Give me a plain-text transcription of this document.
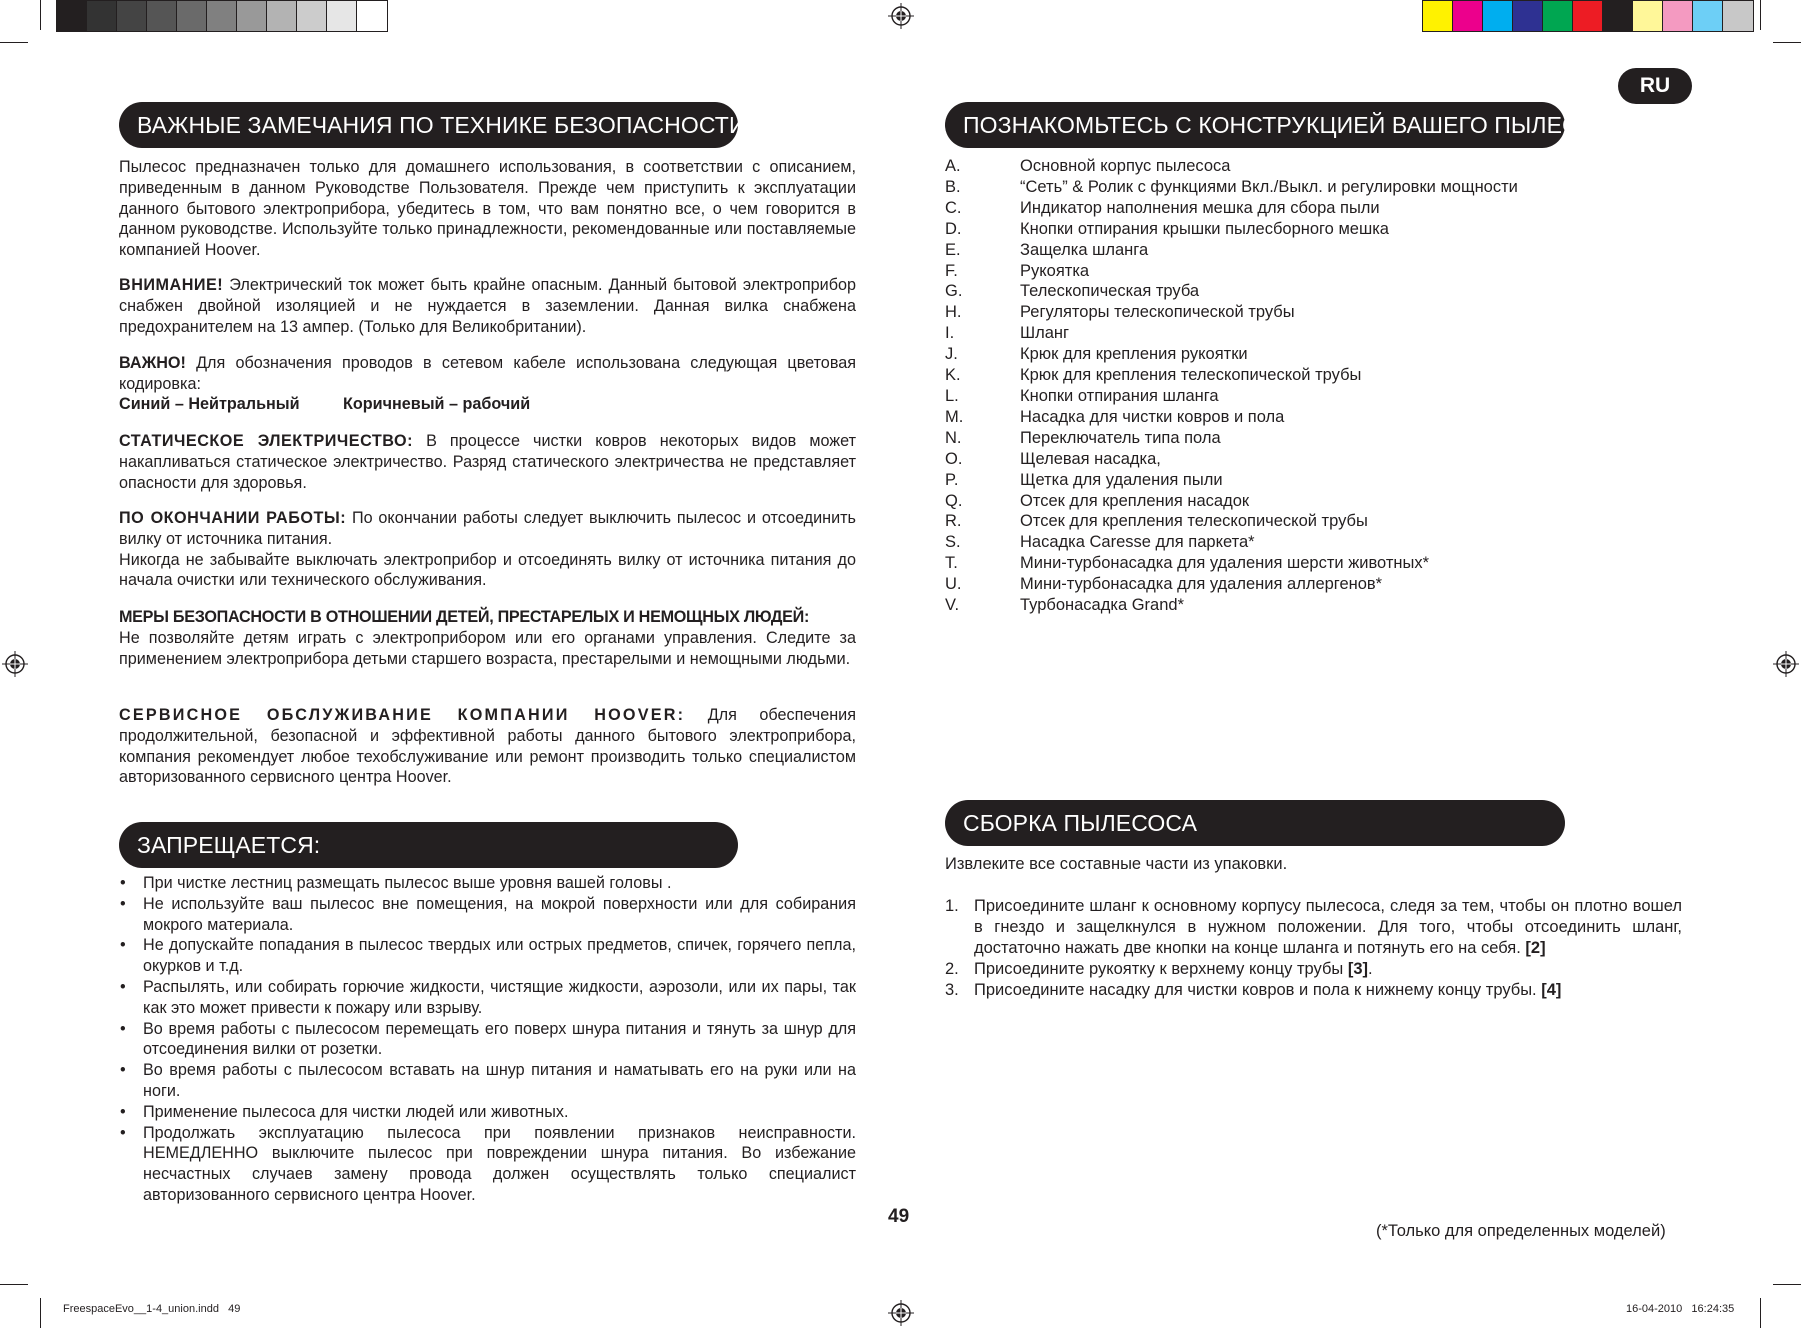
RU
ВАЖНЫЕ ЗАМЕЧАНИЯ ПО ТЕХНИКЕ БЕЗОПАСНОСТИ:

Пылесос предназначен только для домашнего использования, в соответствии с описанием, приведенным в данном Руководстве Пользователя. Прежде чем приступить к эксплуатации данного бытового электроприбора, убедитесь в том, что вам понятно все, о чем говорится в данном руководстве. Используйте только принадлежности, рекомендованные или поставляемые компанией Hoover.

ВНИМАНИЕ! Электрический ток может быть крайне опасным. Данный бытовой электроприбор снабжен двойной изоляцией и не нуждается в заземлении. Данная вилка снабжена предохранителем на 13 ампер. (Только для Великобритании).

ВАЖНО! Для обозначения проводов в сетевом кабеле использована следующая цветовая кодировка:

Синий – Нейтральный	Коричневый – рабочий

СТАТИЧЕСКОЕ ЭЛЕКТРИЧЕСТВО: В процессе чистки ковров некоторых видов может накапливаться статическое электричество. Разряд статического электричества не представляет опасности для здоровья.

ПО ОКОНЧАНИИ РАБОТЫ: По окончании работы следует выключить пылесос и отсоединить вилку от источника питания.
Никогда не забывайте выключать электроприбор и отсоединять вилку от источника питания до начала очистки или технического обслуживания.

МЕРЫ БЕЗОПАСНОСТИ В ОТНОШЕНИИ ДЕТЕЙ, ПРЕСТАРЕЛЫХ И НЕМОЩНЫХ ЛЮДЕЙ:
Не позволяйте детям играть с электроприбором или его органами управления. Следите за применением электроприбора детьми старшего возраста, престарелыми и немощными людьми.

СЕРВИСНОЕ ОБСЛУЖИВАНИЕ КОМПАНИИ HOOVER: Для обеспечения продолжительной, безопасной и эффективной работы данного бытового электроприбора, компания рекомендует любое техобслуживание или ремонт производить только специалистом авторизованного сервисного центра Hoover.

ЗАПРЕЩАЕТСЯ:
• При чистке лестниц размещать пылесос выше уровня вашей головы .
• Не используйте ваш пылесос вне помещения, на мокрой поверхности или для собирания мокрого материала.
• Не допускайте попадания в пылесос твердых или острых предметов, спичек, горячего пепла, окурков и т.д.
• Распылять, или собирать горючие жидкости, чистящие жидкости, аэрозоли, или их пары, так как это может привести к пожару или взрыву.
• Во время работы с пылесосом перемещать его поверх шнура питания и тянуть за шнур для отсоединения вилки от розетки.
• Во время работы с пылесосом вставать на шнур питания и наматывать его на руки или на ноги.
• Применение пылесоса для чистки людей или животных.
• Продолжать эксплуатацию пылесоса при появлении признаков неисправности. НЕМЕДЛЕННО выключите пылесос при повреждении шнура питания. Во избежание несчастных случаев замену провода должен осуществлять только специалист авторизованного сервисного центра Hoover.
ПОЗНАКОМЬТЕСЬ С КОНСТРУКЦИЕЙ ВАШЕГО ПЫЛЕСОСА
A.	Основной корпус пылесоса
B.	“Сеть” & Ролик с функциями Вкл./Выкл. и регулировки мощности
C.	Индикатор наполнения мешка для сбора пыли
D.	Кнопки отпирания крышки пылесборного мешка
E.	Защелка шланга
F.	Рукоятка
G.	Телескопическая труба
H.	Регуляторы телескопической трубы
I.	Шланг
J.	Крюк для крепления рукоятки
K.	Крюк для крепления телескопической трубы
L.	Кнопки отпирания шланга
M.	Насадка для чистки ковров и пола
N.	Переключатель типа пола
O.	Щелевая насадка,
P.	Щетка для удаления пыли
Q.	Отсек для крепления насадок
R.	Отсек для крепления телескопической трубы
S.	Насадка Caresse для паркета*
T.	Мини-турбонасадка для удаления шерсти животных*
U.	Мини-турбонасадка для удаления аллергенов*
V.	Турбонасадка Grand*
СБОРКА ПЫЛЕСОСА
Извлеките все составные части из упаковки.
1. Присоедините шланг к основному корпусу пылесоса, следя за тем, чтобы он плотно вошел в гнездо и защелкнулся в нужном положении. Для того, чтобы отсоединить шланг, достаточно нажать две кнопки на конце шланга и потянуть его на себя. [2]
2. Присоедините рукоятку к верхнему концу трубы [3].
3. Присоедините насадку для чистки ковров и пола к нижнему концу трубы. [4]
(*Только для определенных моделей)
49
FreespaceEvo__1-4_union.indd   49	16-04-2010   16:24:35
